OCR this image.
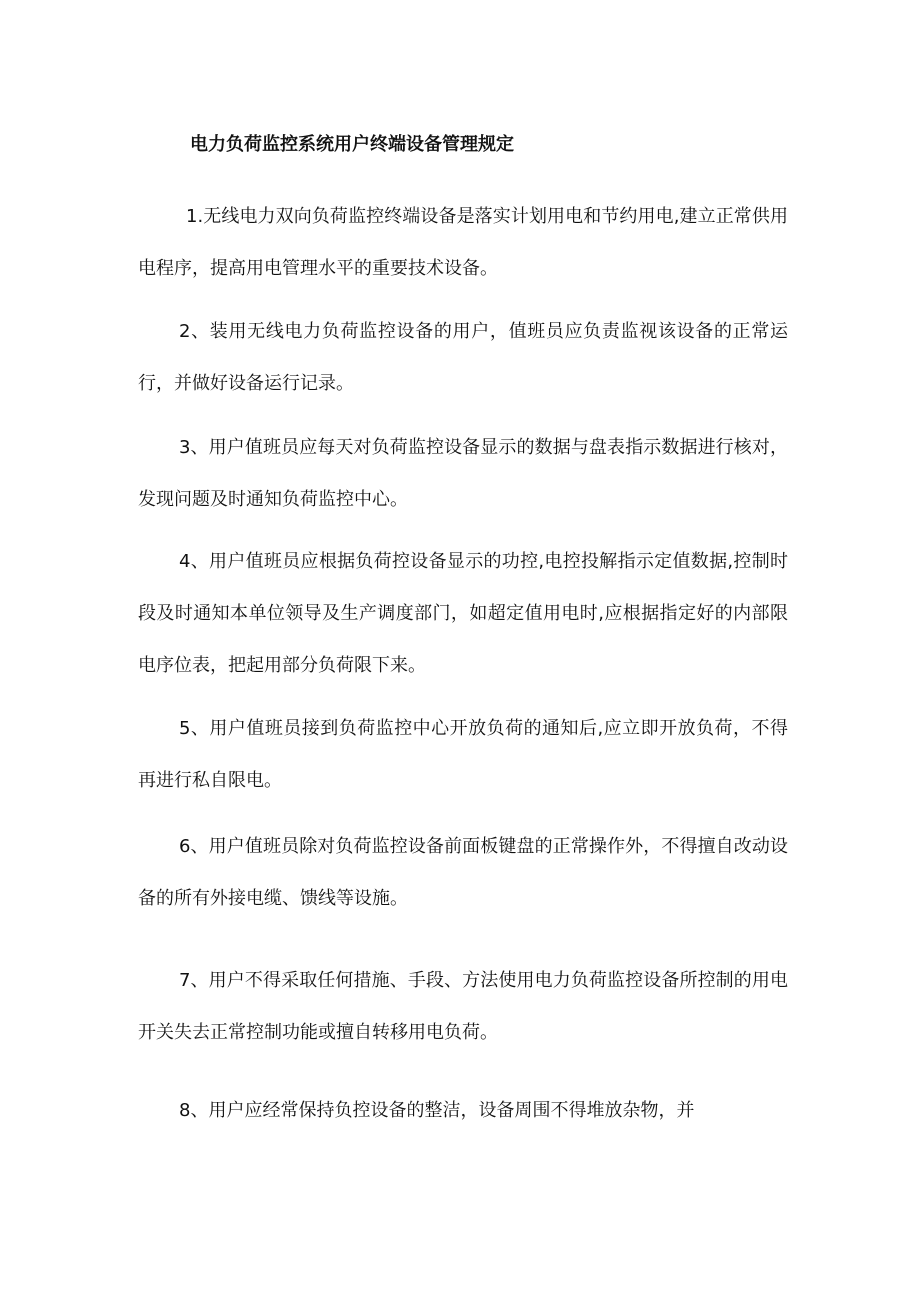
电力负荷监控系统用户终端设备管理规定

1.无线电力双向负荷监控终端设备是落实计划用电和节约用电,建立正常供用电程序，提高用电管理水平的重要技术设备。

2、装用无线电力负荷监控设备的用户，值班员应负责监视该设备的正常运行，并做好设备运行记录。

3、用户值班员应每天对负荷监控设备显示的数据与盘表指示数据进行核对，发现问题及时通知负荷监控中心。

4、用户值班员应根据负荷控设备显示的功控,电控投解指示定值数据,控制时段及时通知本单位领导及生产调度部门，如超定值用电时,应根据指定好的内部限电序位表，把起用部分负荷限下来。

5、用户值班员接到负荷监控中心开放负荷的通知后,应立即开放负荷，不得再进行私自限电。

6、用户值班员除对负荷监控设备前面板键盘的正常操作外，不得擅自改动设备的所有外接电缆、馈线等设施。

7、用户不得采取任何措施、手段、方法使用电力负荷监控设备所控制的用电开关失去正常控制功能或擅自转移用电负荷。

8、用户应经常保持负控设备的整洁，设备周围不得堆放杂物，并
